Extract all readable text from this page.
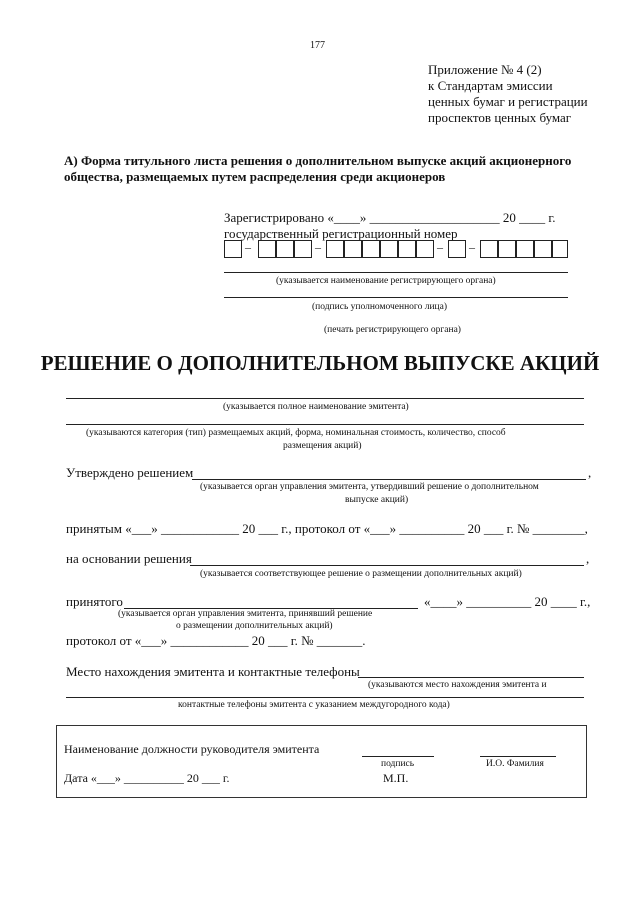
177
Приложение № 4 (2)
к Стандартам эмиссии
ценных бумаг и регистрации
проспектов ценных бумаг
А) Форма титульного листа решения о дополнительном выпуске акций акционерного
общества, размещаемых путем распределения среди акционеров
Зарегистрировано «____» ____________________ 20 ____ г.
государственный регистрационный номер
–	–	– –
(указывается наименование регистрирующего органа)
(подпись уполномоченного лица)
(печать регистрирующего органа)
РЕШЕНИЕ О ДОПОЛНИТЕЛЬНОМ ВЫПУСКЕ АКЦИЙ
(указывается полное наименование эмитента)
(указываются категория (тип) размещаемых акций, форма, номинальная стоимость, количество, способ
размещения акций)
Утверждено решением	,
(указывается орган управления эмитента, утвердивший решение о дополнительном
выпуске акций)
принятым «___» ____________ 20 ___ г., протокол от «___» __________ 20 ___ г. № ________,
на основании решения	,
(указывается соответствующее решение о размещении дополнительных акций)
принятого	«____» __________ 20 ____ г.,
(указывается орган управления эмитента, принявший решение
о размещении дополнительных акций)
протокол от «___» ____________ 20 ___ г. № _______.
Место нахождения эмитента и контактные телефоны
(указываются место нахождения эмитента и
контактные телефоны эмитента с указанием междугородного кода)
Наименование должности руководителя эмитента
подпись	И.О. Фамилия
Дата «___» __________ 20 ___ г.	М.П.
